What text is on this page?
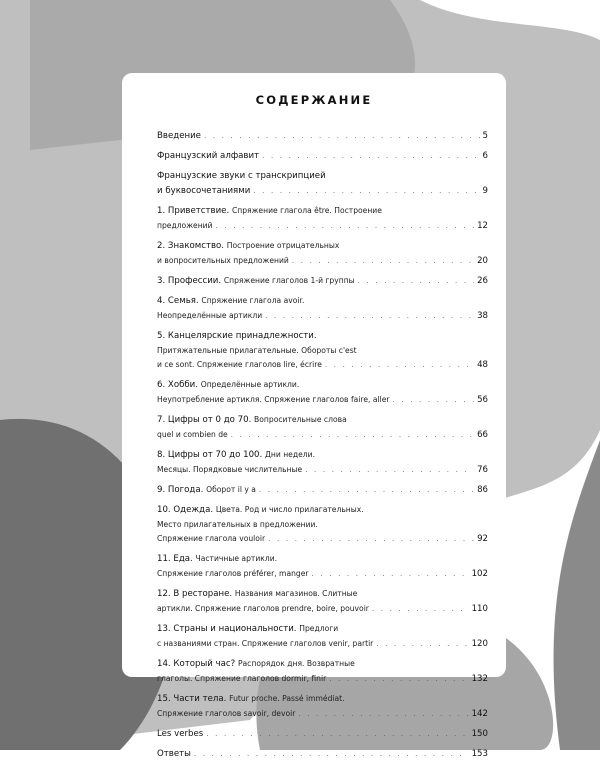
СОДЕРЖАНИЕ
Введение . . .	5
Французский алфавит . . .	6
Французские звуки с транскрипцией
и буквосочетаниями . . .	9
1. Приветствие. Спряжение глагола être. Построение
предложений . . .	12
2. Знакомство. Построение отрицательных
и вопросительных предложений . . .	20
3. Профессии. Спряжение глаголов 1-й группы . . .	26
4. Семья. Спряжение глагола avoir.
Неопределённые артикли . . .	38
5. Канцелярские принадлежности.
Притяжательные прилагательные. Обороты c'est
и ce sont. Спряжение глаголов lire, écrire . . .	48
6. Хобби. Определённые артикли.
Неупотребление артикля. Спряжение глаголов faire, aller . . .	56
7. Цифры от 0 до 70. Вопросительные слова
quel и combien de . . .	66
8. Цифры от 70 до 100. Дни недели.
Месяцы. Порядковые числительные . . .	76
9. Погода. Оборот il y a . . .	86
10. Одежда. Цвета. Род и число прилагательных.
Место прилагательных в предложении.
Спряжение глагола vouloir . . .	92
11. Еда. Частичные артикли.
Спряжение глаголов préférer, manger . . .	102
12. В ресторане. Названия магазинов. Слитные
артикли. Спряжение глаголов prendre, boire, pouvoir . . .	110
13. Страны и национальности. Предлоги
с названиями стран. Спряжение глаголов venir, partir . . .	120
14. Который час? Распорядок дня. Возвратные
глаголы. Спряжение глаголов dormir, finir . . .	132
15. Части тела. Futur proche. Passé immédiat.
Спряжение глаголов savoir, devoir . . .	142
Les verbes . . .	150
Ответы . . .	153
